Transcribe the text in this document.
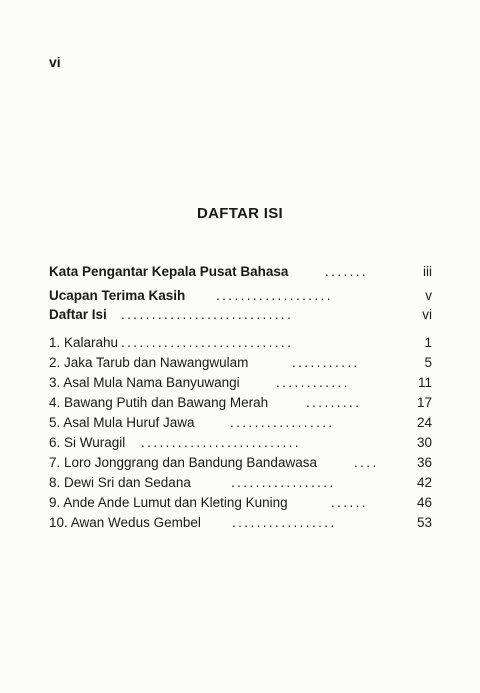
vi
DAFTAR ISI
Kata Pengantar Kepala Pusat Bahasa	.......	iii
Ucapan Terima Kasih ...................	v
Daftar Isi ............................	vi
1. Kalarahu ............................	1
2. Jaka Tarub dan Nawangwulam	...........	5
3. Asal Mula Nama Banyuwangi	............	11
4. Bawang Putih dan Bawang Merah	.........	17
5. Asal Mula Huruf Jawa	.................	24
6. Si Wuragil ..........................	30
7. Loro Jonggrang dan Bandung Bandawasa	....	36
8. Dewi Sri dan Sedana	.................	42
9. Ande Ande Lumut dan Kleting Kuning	......	46
10. Awan Wedus Gembel .................	53
